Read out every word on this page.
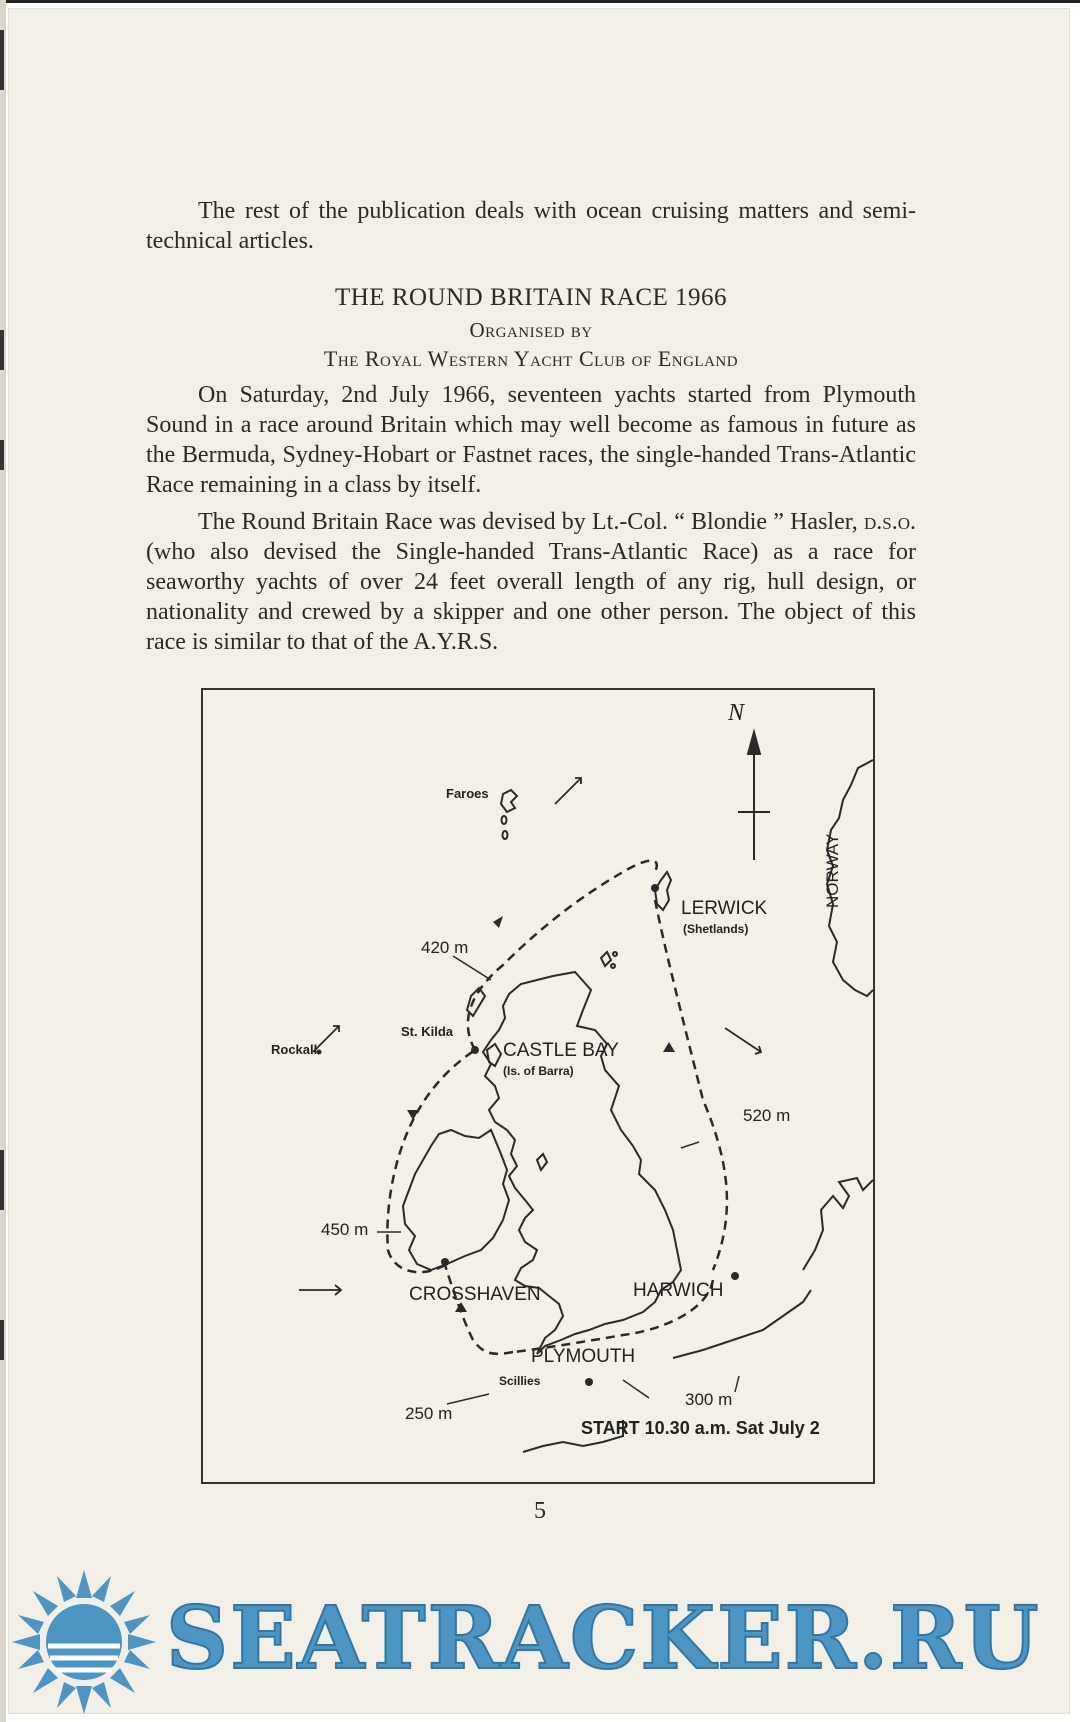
The rest of the publication deals with ocean cruising matters and semi-technical articles.

THE ROUND BRITAIN RACE 1966
Organised by
The Royal Western Yacht Club of England

On Saturday, 2nd July 1966, seventeen yachts started from Plymouth Sound in a race around Britain which may well become as famous in future as the Bermuda, Sydney-Hobart or Fastnet races, the single-handed Trans-Atlantic Race remaining in a class by itself.

The Round Britain Race was devised by Lt.-Col. “ Blondie ” Hasler, d.s.o. (who also devised the Single-handed Trans-Atlantic Race) as a race for seaworthy yachts of over 24 feet overall length of any rig, hull design, or nationality and crewed by a skipper and one other person. The object of this race is similar to that of the A.Y.R.S.

N
Faroes
LERWICK
(Shetlands)
NORWAY
420 m
St. Kilda
CASTLE BAY
(Is. of Barra)
Rockall
520 m
450 m
CROSSHAVEN	HARWICH
PLYMOUTH
Scillies
250 m
300 m
START 10.30 a.m. Sat July 2
5
SEATRACKER.RU
